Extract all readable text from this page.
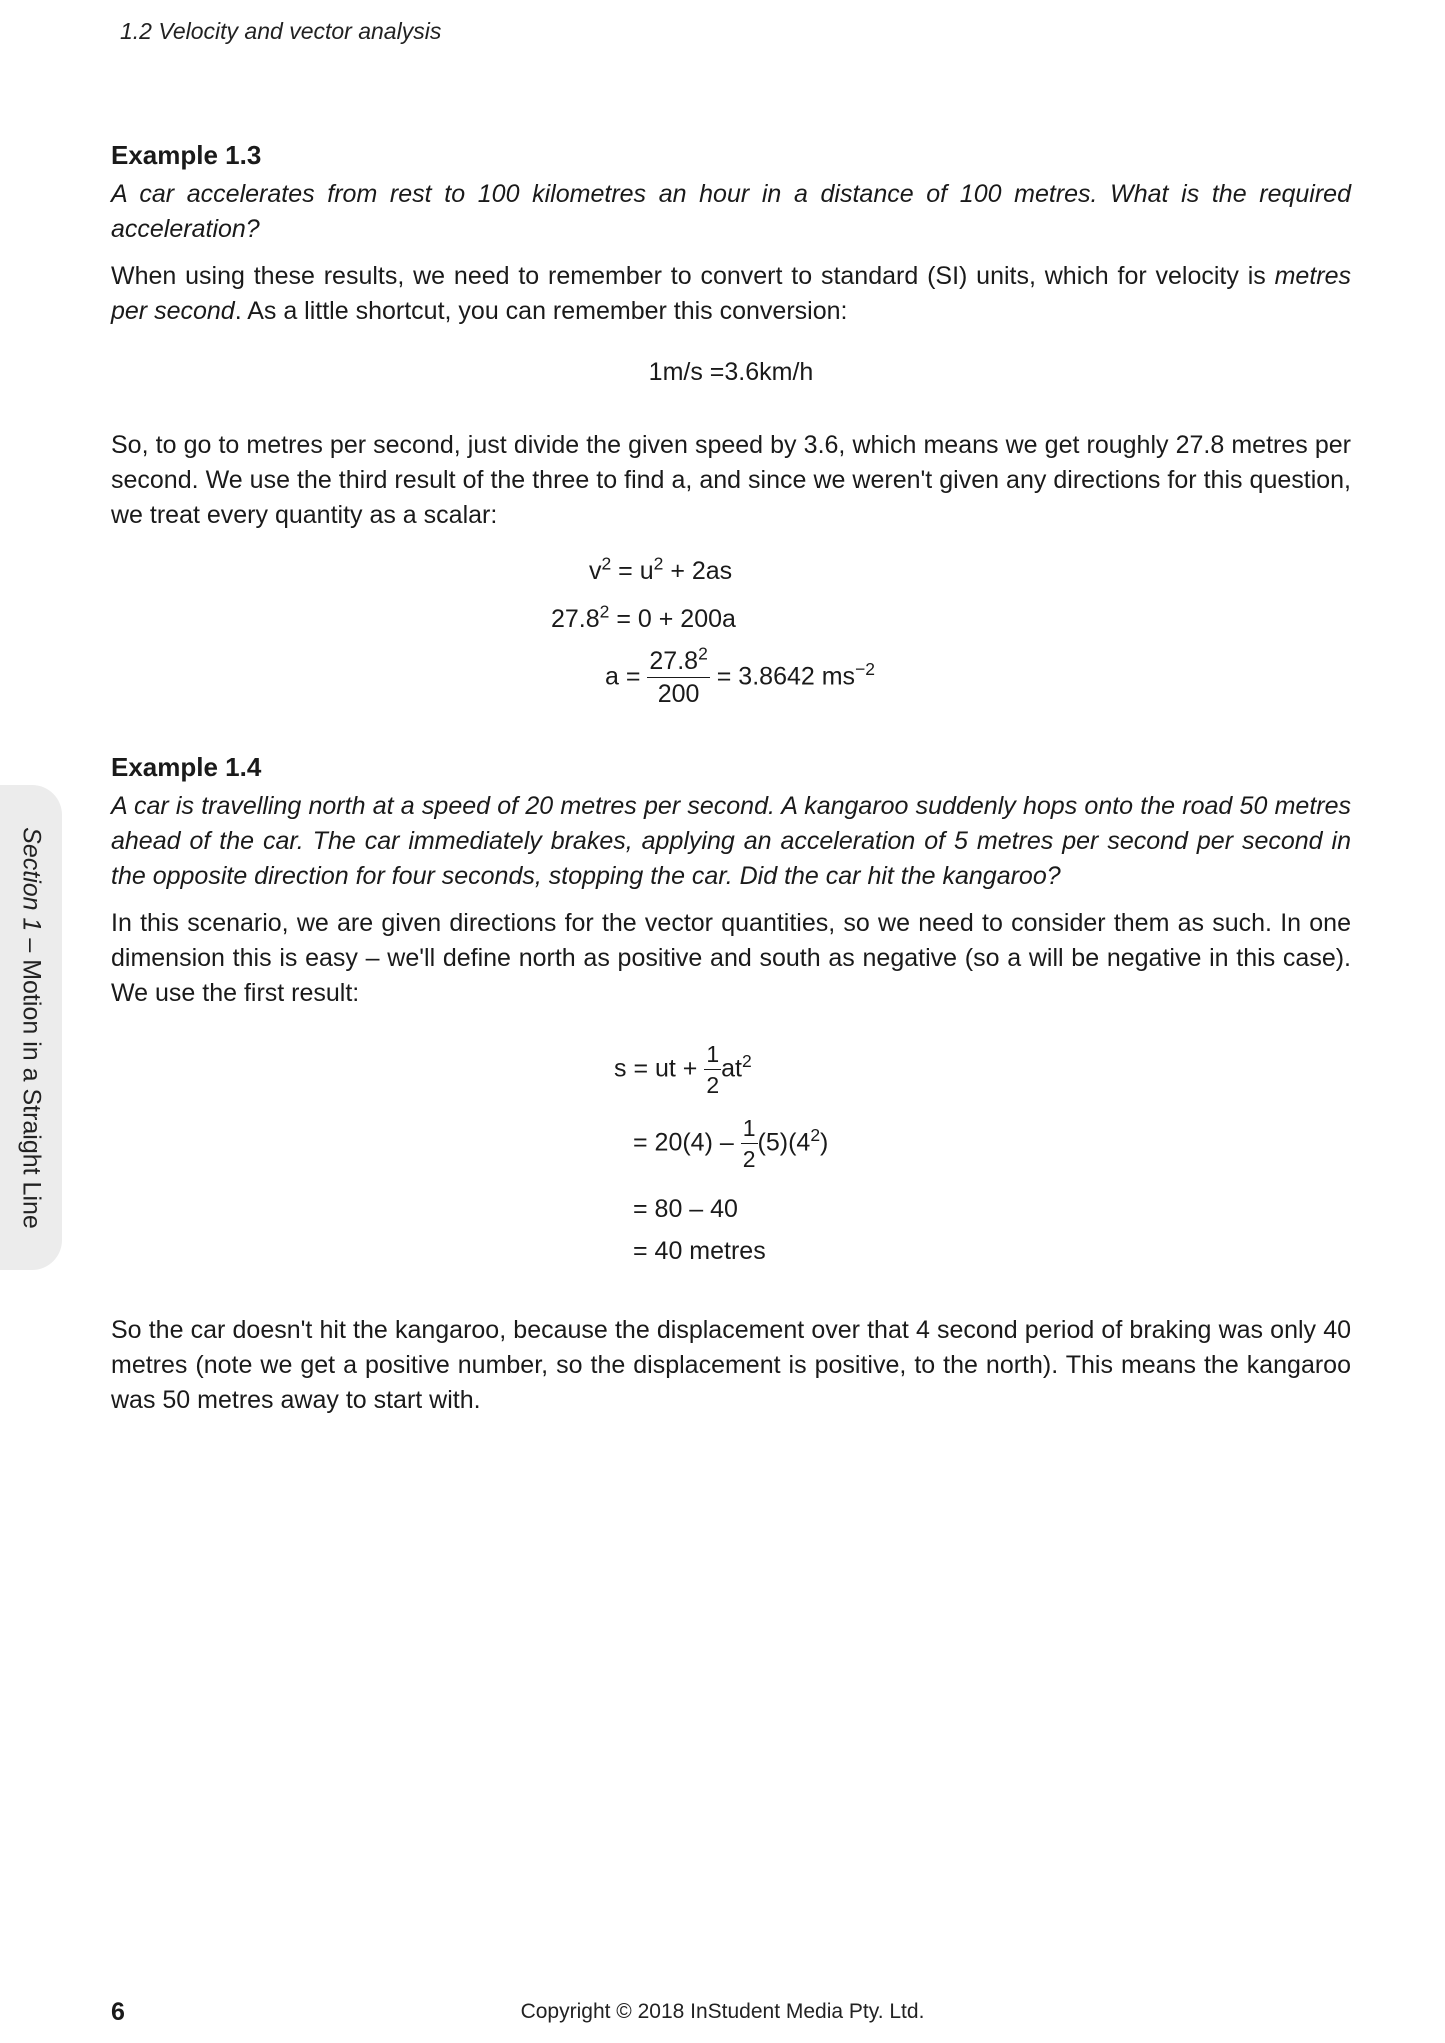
1.2 Velocity and vector analysis
Section 1 – Motion in a Straight Line
Example 1.3
A car accelerates from rest to 100 kilometres an hour in a distance of 100 metres. What is the required acceleration?
When using these results, we need to remember to convert to standard (SI) units, which for velocity is metres per second. As a little shortcut, you can remember this conversion:
1m/s =3.6km/h
So, to go to metres per second, just divide the given speed by 3.6, which means we get roughly 27.8 metres per second. We use the third result of the three to find a, and since we weren't given any directions for this question, we treat every quantity as a scalar:
$v^2 = u^2 + 2as$
$27.8^2 = 0 + 200a$
$a = \frac{27.8^2}{200} = 3.8642$ $ms^{-2}$
Example 1.4
A car is travelling north at a speed of 20 metres per second. A kangaroo suddenly hops onto the road 50 metres ahead of the car. The car immediately brakes, applying an acceleration of 5 metres per second per second in the opposite direction for four seconds, stopping the car. Did the car hit the kangaroo?
In this scenario, we are given directions for the vector quantities, so we need to consider them as such. In one dimension this is easy – we'll define north as positive and south as negative (so a will be negative in this case). We use the first result:
s = ut + $\frac{1}{2} at^2$
= $20(4) - \frac{1}{2} (5)(4^2)$
= 80 – 40
= 40 metres
So the car doesn't hit the kangaroo, because the displacement over that 4 second period of braking was only 40 metres (note we get a positive number, so the displacement is positive, to the north). This means the kangaroo was 50 metres away to start with.
6	Copyright © 2018 InStudent Media Pty. Ltd.
